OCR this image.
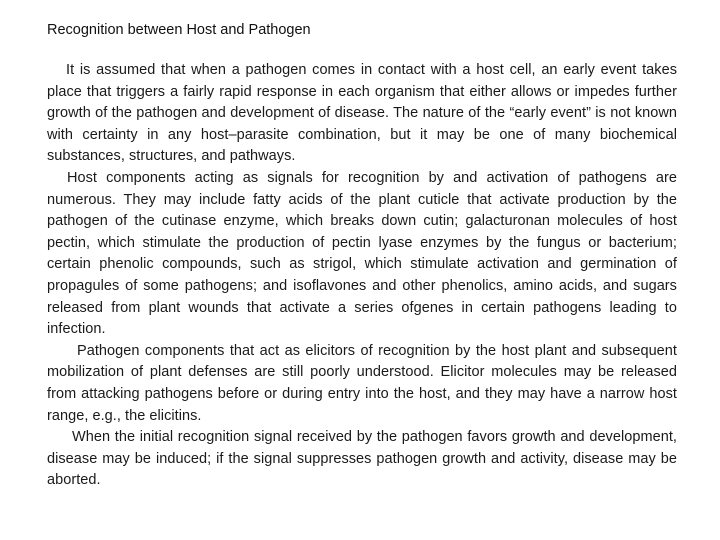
Recognition between Host and Pathogen

It is assumed that when a pathogen comes in contact with a host cell, an early event takes place that triggers a fairly rapid response in each organism that either allows or impedes further growth of the pathogen and development of disease. The nature of the “early event” is not known with certainty in any host–parasite combination, but it may be one of many biochemical substances, structures, and pathways.

Host components acting as signals for recognition by and activation of pathogens are numerous. They may include fatty acids of the plant cuticle that activate production by the pathogen of the cutinase enzyme, which breaks down cutin; galacturonan molecules of host pectin, which stimulate the production of pectin lyase enzymes by the fungus or bacterium; certain phenolic compounds, such as strigol, which stimulate activation and germination of propagules of some pathogens; and isoflavones and other phenolics, amino acids, and sugars released from plant wounds that activate a series ofgenes in certain pathogens leading to infection.

Pathogen components that act as elicitors of recognition by the host plant and subsequent mobilization of plant defenses are still poorly understood. Elicitor molecules may be released from attacking pathogens before or during entry into the host, and they may have a narrow host range, e.g., the elicitins.

When the initial recognition signal received by the pathogen favors growth and development, disease may be induced; if the signal suppresses pathogen growth and activity, disease may be aborted.
